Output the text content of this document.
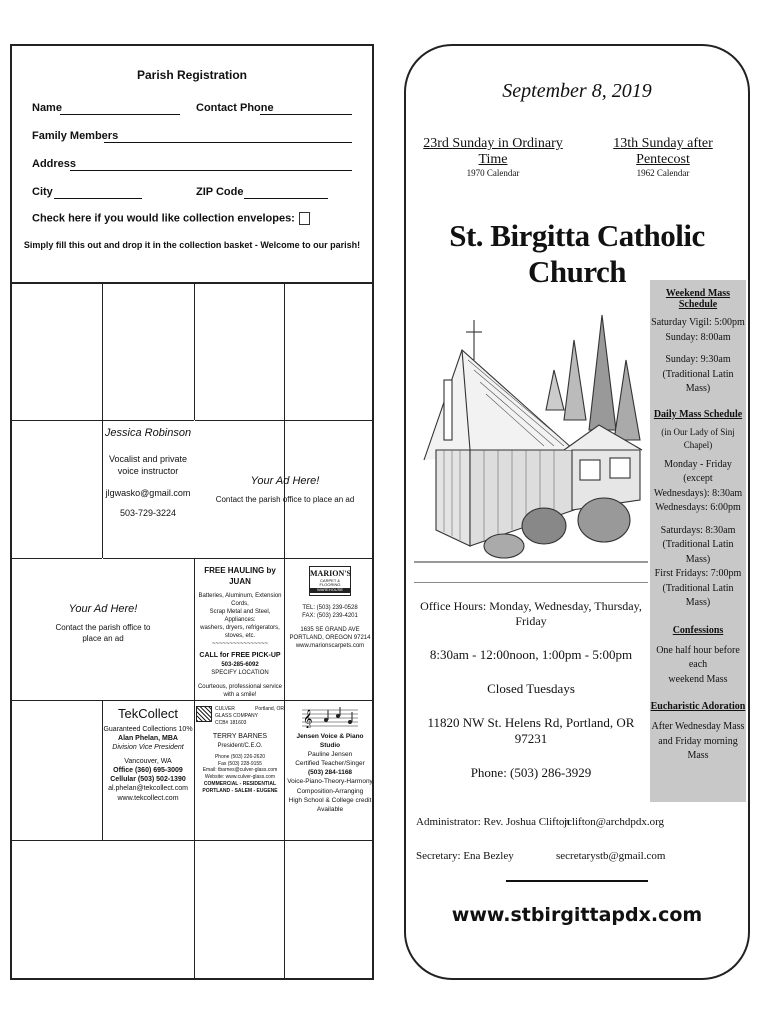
Parish Registration
Name	Contact Phone
Family Members
Address
City	ZIP Code
Check here if you would like collection envelopes:
Simply fill this out and drop it in the collection basket - Welcome to our parish!
Jessica Robinson
Vocalist and private
voice instructor
jlgwasko@gmail.com
503-729-3224
Your Ad Here!
Contact the parish office to place an ad
Your Ad Here!
Contact the parish office to
place an ad
FREE HAULING by JUAN
Batteries, Aluminum, Extension Cords,
Scrap Metal and Steel, Appliances:
washers, dryers, refrigerators, stoves, etc.
~~~~~~~~~~~~~~~~
CALL for FREE PICK-UP
503-285-6092
SPECIFY LOCATION
Courteous, professional service with a smile!
MARION'S
CARPET & FLOORING
WAREHOUSE
TEL: (503) 239-0528
FAX: (503) 239-4201
1635 SE GRAND AVE
PORTLAND, OREGON 97214
www.marionscarpets.com
TekCollect
Guaranteed Collections 10%
Alan Phelan, MBA
Division Vice President
Vancouver, WA
Office (360) 695-3009
Cellular (503) 502-1390
al.phelan@tekcollect.com
www.tekcollect.com
CULVER	Portland, OR
GLASS COMPANY
CCB# 181603
TERRY BARNES
President/C.E.O.
Phone (503) 226-2620
Fax (503) 228-9155
Email: tbarnes@culver-glass.com
Website: www.culver-glass.com
COMMERCIAL - RESIDENTIAL
PORTLAND - SALEM - EUGENE
𝄞
Jensen Voice & Piano Studio
Pauline Jensen
Certified Teacher/Singer
(503) 284-1168
Voice-Piano-Theory-Harmony
Composition-Arranging
High School & College credit
Available
September 8, 2019
23rd Sunday in Ordinary Time
1970 Calendar
13th Sunday after Pentecost
1962 Calendar
St. Birgitta Catholic Church
Office Hours: Monday, Wednesday, Thursday, Friday
8:30am - 12:00noon, 1:00pm - 5:00pm
Closed Tuesdays
11820 NW St. Helens Rd, Portland, OR 97231
Phone: (503) 286-3929
Weekend Mass Schedule
Saturday Vigil: 5:00pm
Sunday: 8:00am
Sunday: 9:30am
(Traditional Latin Mass)
Daily Mass Schedule
(in Our Lady of Sinj Chapel)
Monday - Friday (except
Wednesdays): 8:30am
Wednesdays: 6:00pm
Saturdays: 8:30am
(Traditional Latin Mass)
First Fridays: 7:00pm
(Traditional Latin Mass)
Confessions
One half hour before each
weekend Mass
Eucharistic Adoration
After Wednesday Mass
and Friday morning Mass
Administrator: Rev. Joshua Clifton
jclifton@archdpdx.org
Secretary: Ena Bezley	secretarystb@gmail.com
www.stbirgittapdx.com
